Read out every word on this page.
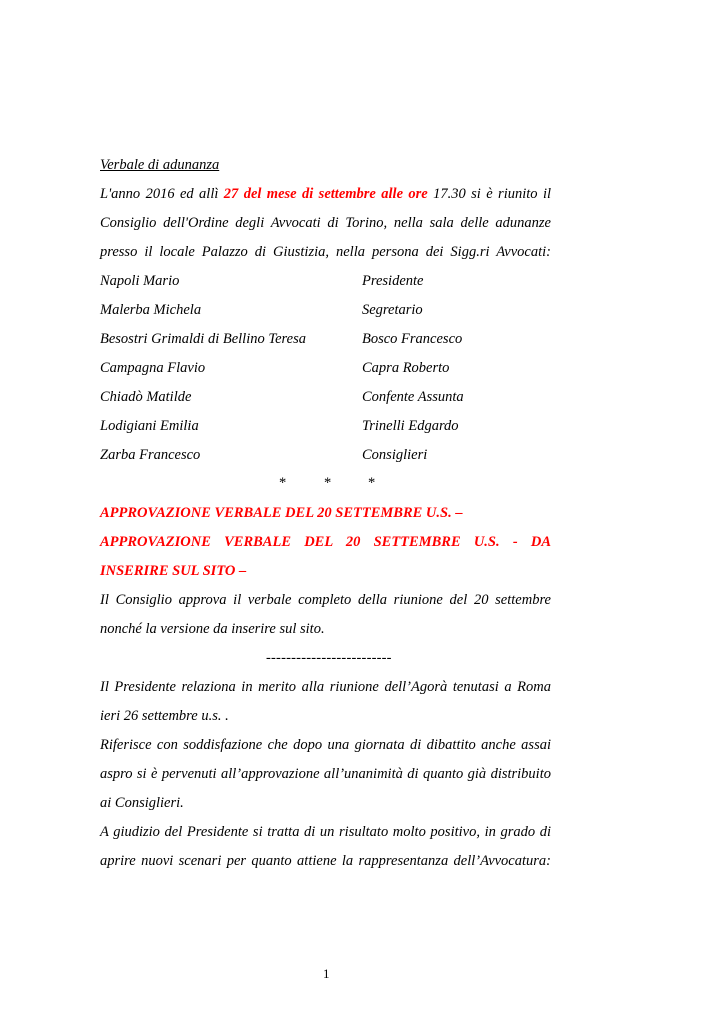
Verbale di adunanza
L'anno 2016 ed allì 27 del mese di settembre alle ore 17.30 si è riunito il
Consiglio dell'Ordine degli Avvocati di Torino, nella sala delle adunanze
presso il locale Palazzo di Giustizia, nella persona dei Sigg.ri Avvocati:
Napoli Mario	Presidente
Malerba Michela	Segretario
Besostri Grimaldi di Bellino Teresa	Bosco Francesco
Campagna Flavio	Capra Roberto
Chiadò Matilde	Confente Assunta
Lodigiani Emilia	Trinelli Edgardo
Zarba Francesco	Consiglieri
*	*	*
APPROVAZIONE VERBALE DEL 20 SETTEMBRE U.S. –
APPROVAZIONE VERBALE DEL 20 SETTEMBRE U.S. - DA
INSERIRE SUL SITO –
Il Consiglio approva il verbale completo della riunione del 20 settembre
nonché la versione da inserire sul sito.
-------------------------
Il Presidente relaziona in merito alla riunione dell’Agorà tenutasi a Roma
ieri 26 settembre u.s. .
Riferisce con soddisfazione che dopo una giornata di dibattito anche assai
aspro si è pervenuti all’approvazione all’unanimità di quanto già distribuito
ai Consiglieri.
A giudizio del Presidente si tratta di un risultato molto positivo, in grado di
aprire nuovi scenari per quanto attiene la rappresentanza dell’Avvocatura:
1
